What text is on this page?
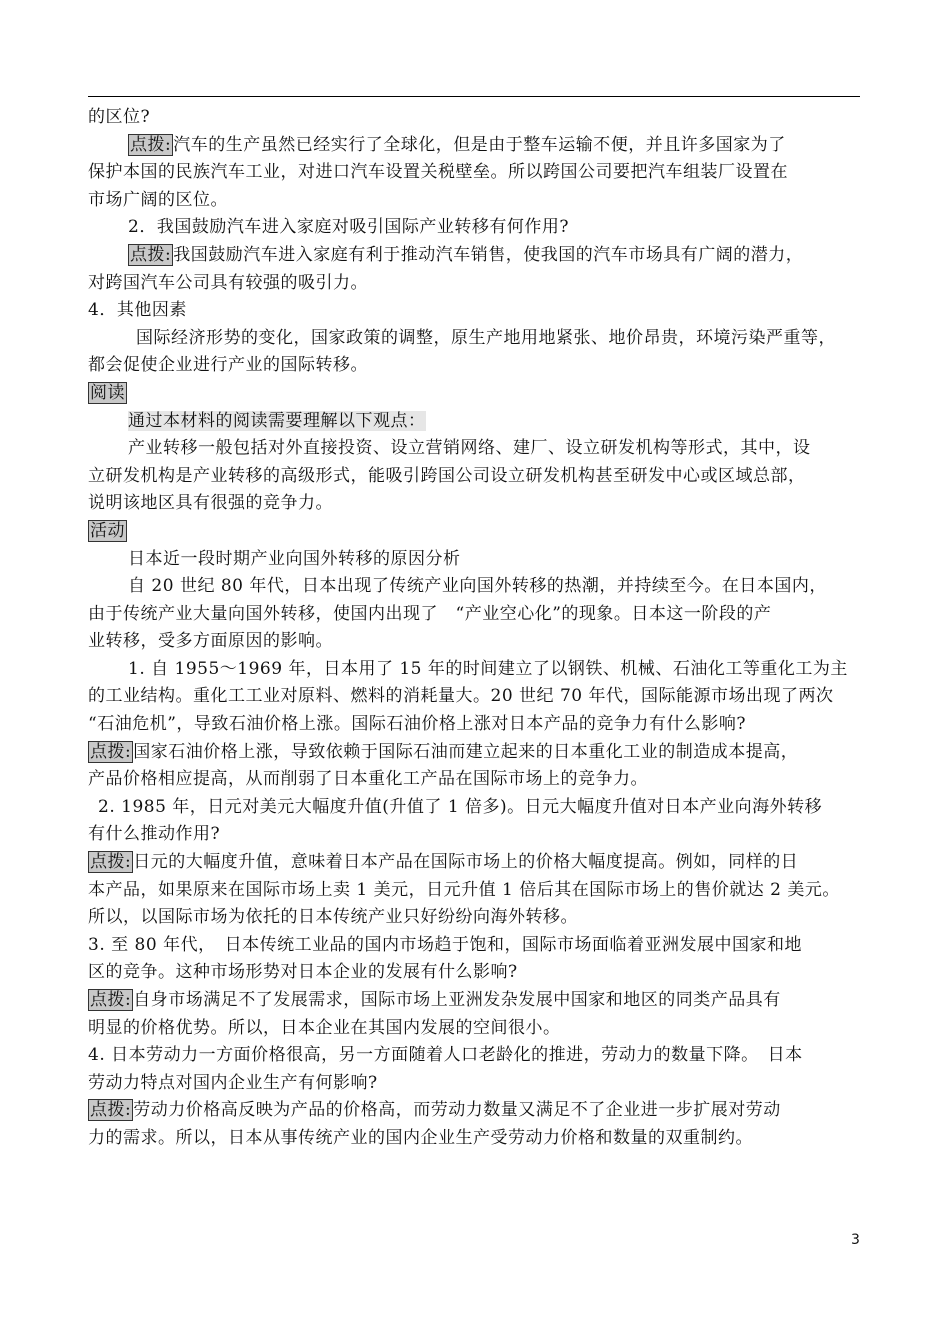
的区位?
点拨: 汽车的生产虽然已经实行了全球化，但是由于整车运输不便，并且许多国家为了
保护本国的民族汽车工业，对进口汽车设置关税壁垒。所以跨国公司要把汽车组装厂设置在
市场广阔的区位。
2．我国鼓励汽车进入家庭对吸引国际产业转移有何作用?
点拨: 我国鼓励汽车进入家庭有利于推动汽车销售，使我国的汽车市场具有广阔的潜力，
对跨国汽车公司具有较强的吸引力。
4．其他因素
国际经济形势的变化，国家政策的调整，原生产地用地紧张、地价昂贵，环境污染严重等，
都会促使企业进行产业的国际转移。
阅读
通过本材料的阅读需要理解以下观点：
产业转移一般包括对外直接投资、设立营销网络、建厂、设立研发机构等形式，其中，设
立研发机构是产业转移的高级形式，能吸引跨国公司设立研发机构甚至研发中心或区域总部，
说明该地区具有很强的竞争力。
活动
日本近一段时期产业向国外转移的原因分析
自 20 世纪 80 年代，日本出现了传统产业向国外转移的热潮，并持续至今。在日本国内，
由于传统产业大量向国外转移，使国内出现了　“产业空心化”的现象。日本这一阶段的产
业转移，受多方面原因的影响。
1. 自 1955～1969 年，日本用了 15 年的时间建立了以钢铁、机械、石油化工等重化工为主
的工业结构。重化工工业对原料、燃料的消耗量大。20 世纪 70 年代，国际能源市场出现了两次
“石油危机”，导致石油价格上涨。国际石油价格上涨对日本产品的竞争力有什么影响?
点拨: 国家石油价格上涨，导致依赖于国际石油而建立起来的日本重化工业的制造成本提高，
产品价格相应提高，从而削弱了日本重化工产品在国际市场上的竞争力。
2. 1985 年，日元对美元大幅度升值(升值了 1 倍多)。日元大幅度升值对日本产业向海外转移
有什么推动作用?
点拨: 日元的大幅度升值，意味着日本产品在国际市场上的价格大幅度提高。例如，同样的日
本产品，如果原来在国际市场上卖 1 美元，日元升值 1 倍后其在国际市场上的售价就达 2 美元。
所以，以国际市场为依托的日本传统产业只好纷纷向海外转移。
3. 至 80 年代，　日本传统工业品的国内市场趋于饱和，国际市场面临着亚洲发展中国家和地
区的竞争。这种市场形势对日本企业的发展有什么影响?
点拨: 自身市场满足不了发展需求，国际市场上亚洲发杂发展中国家和地区的同类产品具有
明显的价格优势。所以，日本企业在其国内发展的空间很小。
4. 日本劳动力一方面价格很高，另一方面随着人口老龄化的推进，劳动力的数量下降。　日本
劳动力特点对国内企业生产有何影响?
点拨: 劳动力价格高反映为产品的价格高，而劳动力数量又满足不了企业进一步扩展对劳动
力的需求。所以，日本从事传统产业的国内企业生产受劳动力价格和数量的双重制约。
3
